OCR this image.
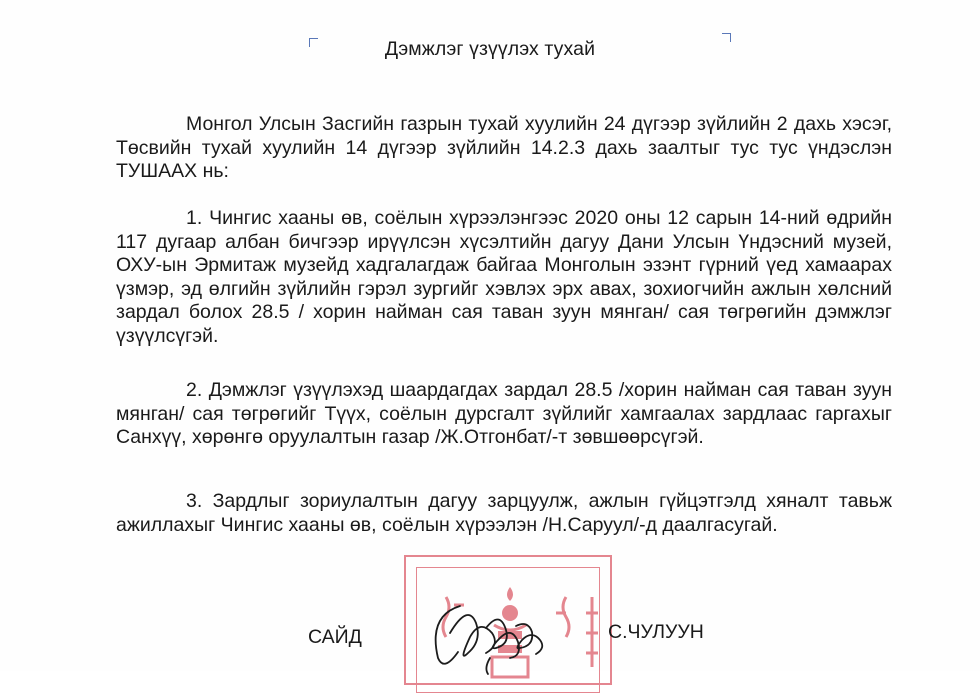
Дэмжлэг үзүүлэх тухай

Монгол Улсын Засгийн газрын тухай хуулийн 24 дүгээр зүйлийн 2 дахь хэсэг, Төсвийн тухай хуулийн 14 дүгээр зүйлийн 14.2.3 дахь заалтыг тус тус үндэслэн ТУШААХ нь:

1. Чингис хааны өв, соёлын хүрээлэнгээс 2020 оны 12 сарын 14-ний өдрийн 117 дугаар албан бичгээр ирүүлсэн хүсэлтийн дагуу Дани Улсын Үндэсний музей, ОХУ-ын Эрмитаж музейд хадгалагдаж байгаа Монголын эзэнт гүрний үед хамаарах үзмэр, эд өлгийн зүйлийн гэрэл зургийг хэвлэх эрх авах, зохиогчийн ажлын хөлсний зардал болох 28.5 / хорин найман сая таван зуун мянган/ сая төгрөгийн дэмжлэг үзүүлсүгэй.

2. Дэмжлэг үзүүлэхэд шаардагдах зардал 28.5 /хорин найман сая таван зуун мянган/ сая төгрөгийг Түүх, соёлын дурсгалт зүйлийг хамгаалах зардлаас гаргахыг Санхүү, хөрөнгө оруулалтын газар /Ж.Отгонбат/-т зөвшөөрсүгэй.

3. Зардлыг зориулалтын дагуу зарцуулж, ажлын гүйцэтгэлд хяналт тавьж ажиллахыг Чингис хааны өв, соёлын хүрээлэн /Н.Саруул/-д даалгасугай.

САЙД	С.ЧУЛУУН
